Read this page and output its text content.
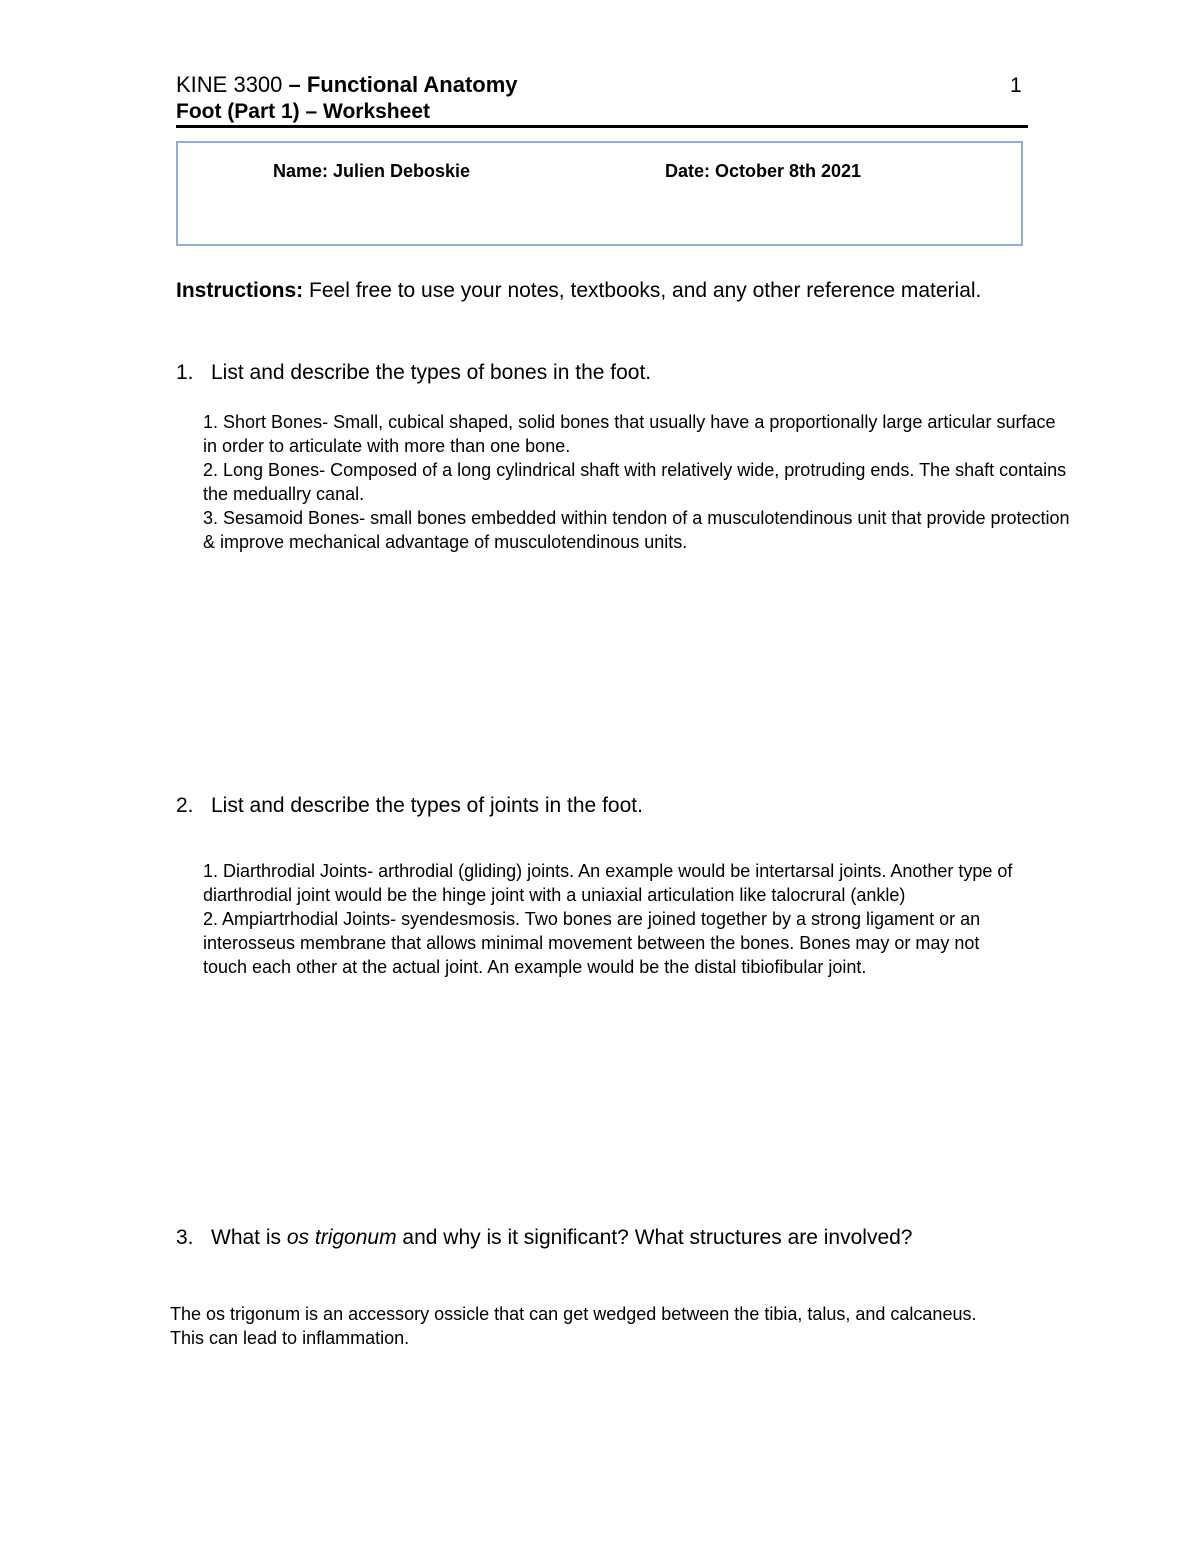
KINE 3300 – Functional Anatomy
Foot (Part 1) – Worksheet
1
Name: Julien Deboskie	Date: October 8th 2021
Instructions: Feel free to use your notes, textbooks, and any other reference material.
1. List and describe the types of bones in the foot.

1. Short Bones- Small, cubical shaped, solid bones that usually have a proportionally large articular surface in order to articulate with more than one bone.

2. Long Bones- Composed of a long cylindrical shaft with relatively wide, protruding ends. The shaft contains the meduallry canal.

3. Sesamoid Bones- small bones embedded within tendon of a musculotendinous unit that provide protection & improve mechanical advantage of musculotendinous units.

2. List and describe the types of joints in the foot.

1. Diarthrodial Joints- arthrodial (gliding) joints. An example would be intertarsal joints. Another type of diarthrodial joint would be the hinge joint with a uniaxial articulation like talocrural (ankle)

2. Ampiartrhodial Joints- syendesmosis. Two bones are joined together by a strong ligament or an interosseus membrane that allows minimal movement between the bones. Bones may or may not touch each other at the actual joint. An example would be the distal tibiofibular joint.

3. What is os trigonum and why is it significant? What structures are involved?

The os trigonum is an accessory ossicle that can get wedged between the tibia, talus, and calcaneus.

This can lead to inflammation.
